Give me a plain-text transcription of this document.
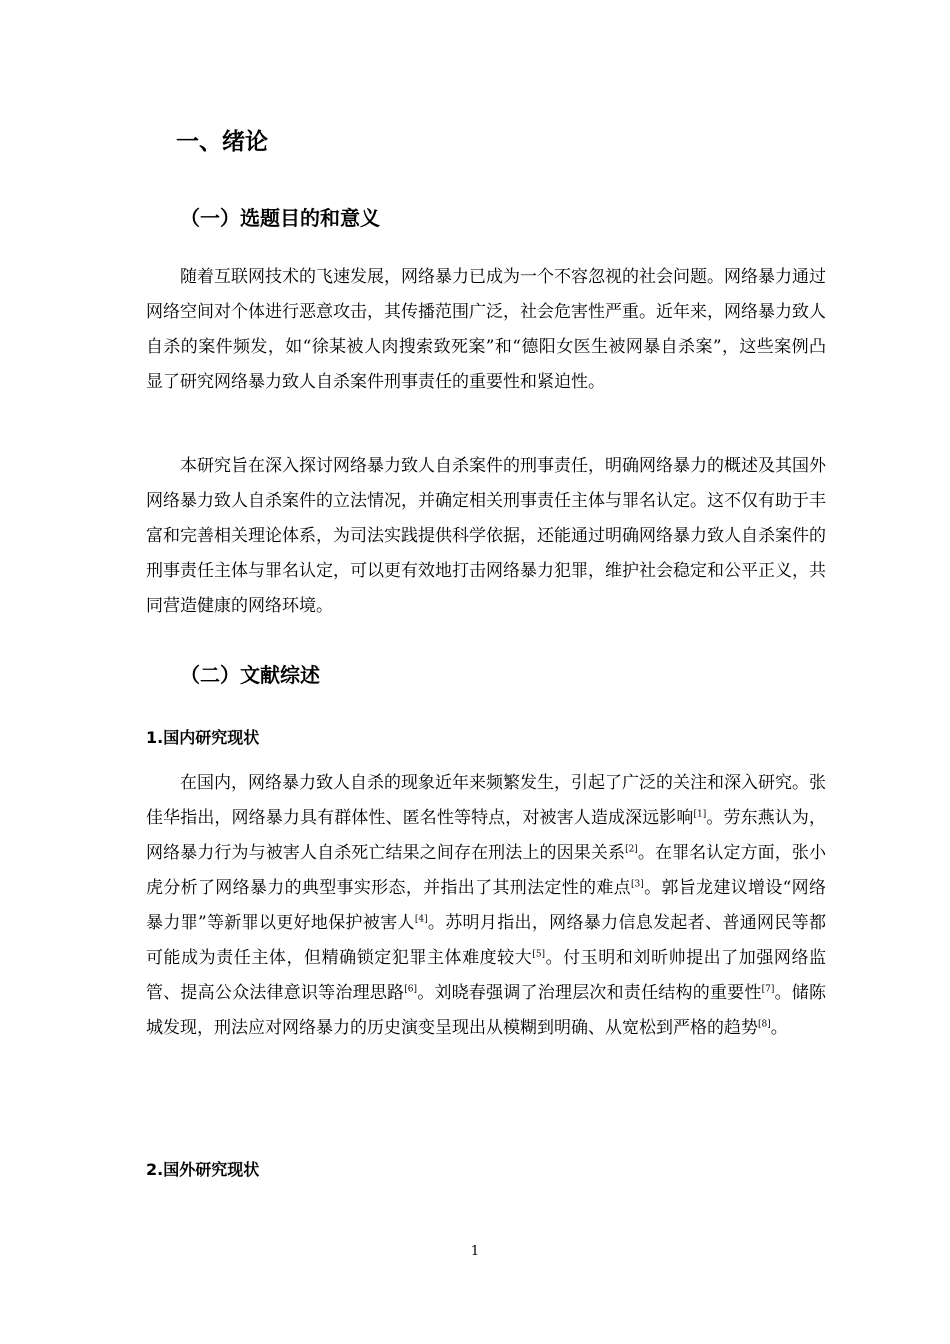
一、绪论
（一）选题目的和意义

随着互联网技术的飞速发展，网络暴力已成为一个不容忽视的社会问题。网络暴力通过网络空间对个体进行恶意攻击，其传播范围广泛，社会危害性严重。近年来，网络暴力致人自杀的案件频发，如“徐某被人肉搜索致死案”和“德阳女医生被网暴自杀案”，这些案例凸显了研究网络暴力致人自杀案件刑事责任的重要性和紧迫性。

本研究旨在深入探讨网络暴力致人自杀案件的刑事责任，明确网络暴力的概述及其国外网络暴力致人自杀案件的立法情况，并确定相关刑事责任主体与罪名认定。这不仅有助于丰富和完善相关理论体系，为司法实践提供科学依据，还能通过明确网络暴力致人自杀案件的刑事责任主体与罪名认定，可以更有效地打击网络暴力犯罪，维护社会稳定和公平正义，共同营造健康的网络环境。

（二）文献综述
1.国内研究现状

在国内，网络暴力致人自杀的现象近年来频繁发生，引起了广泛的关注和深入研究。张佳华指出，网络暴力具有群体性、匿名性等特点，对被害人造成深远影响[1]。劳东燕认为，网络暴力行为与被害人自杀死亡结果之间存在刑法上的因果关系[2]。在罪名认定方面，张小虎分析了网络暴力的典型事实形态，并指出了其刑法定性的难点[3]。郭旨龙建议增设“网络暴力罪”等新罪以更好地保护被害人[4]。苏明月指出，网络暴力信息发起者、普通网民等都可能成为责任主体，但精确锁定犯罪主体难度较大[5]。付玉明和刘昕帅提出了加强网络监管、提高公众法律意识等治理思路[6]。刘晓春强调了治理层次和责任结构的重要性[7]。储陈城发现，刑法应对网络暴力的历史演变呈现出从模糊到明确、从宽松到严格的趋势[8]。

2.国外研究现状
1
